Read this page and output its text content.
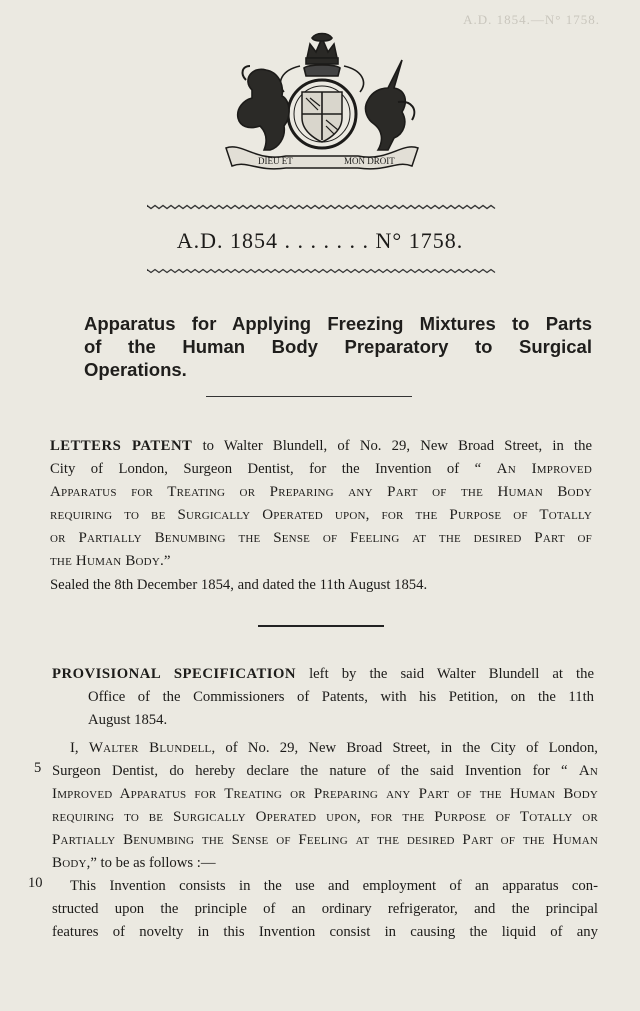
A.D. 1854.—N° 1758.
DIEU ET	MON DROIT
A.D. 1854 . . . . . . . N° 1758.
Apparatus for Applying Freezing Mixtures to Parts
of the Human Body Preparatory to Surgical
Operations.
LETTERS PATENT to Walter Blundell, of No. 29, New Broad Street, in the
City of London, Surgeon Dentist, for the Invention of “ An Improved
Apparatus for Treating or Preparing any Part of the Human Body
requiring to be Surgically Operated upon, for the Purpose of Totally
or Partially Benumbing the Sense of Feeling at the desired Part of
the Human Body.”
Sealed the 8th December 1854, and dated the 11th August 1854.
PROVISIONAL SPECIFICATION left by the said Walter Blundell at the
Office of the Commissioners of Patents, with his Petition, on the 11th
August 1854.
I, Walter Blundell, of No. 29, New Broad Street, in the City of London,
Surgeon Dentist, do hereby declare the nature of the said Invention for “ An
Improved Apparatus for Treating or Preparing any Part of the Human Body
requiring to be Surgically Operated upon, for the Purpose of Totally or
Partially Benumbing the Sense of Feeling at the desired Part of the Human
Body,” to be as follows :—
This Invention consists in the use and employment of an apparatus con-
structed upon the principle of an ordinary refrigerator, and the principal
features of novelty in this Invention consist in causing the liquid of any
5
10
